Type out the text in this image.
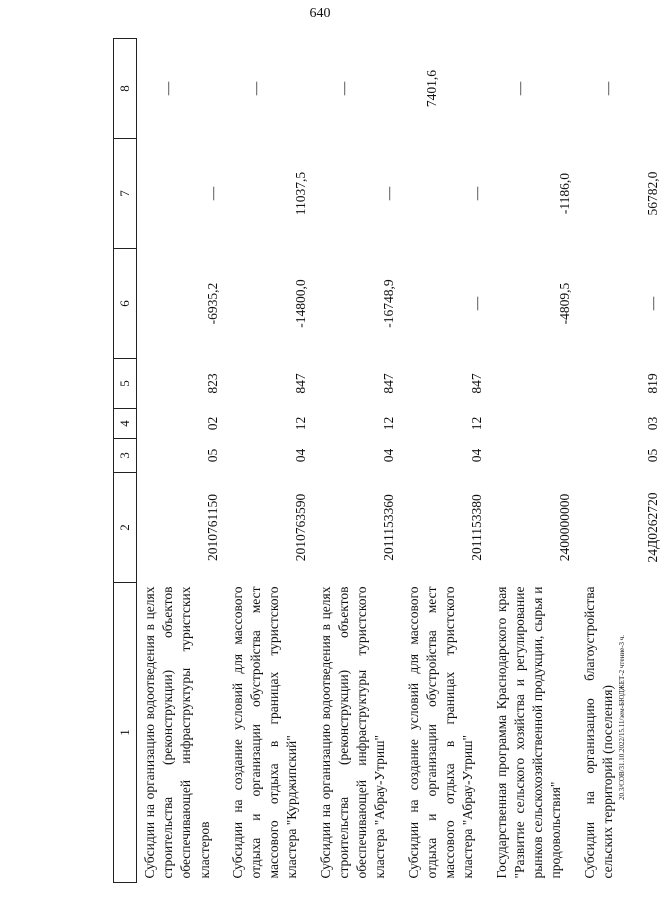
640
1	2	3	4	5	6	7	8
Субсидии на организацию водоотведения в целях строительства (реконструкции) объектов обеспечивающей инфраструктуры туристских кластеров	2010761150	05	02	823	-6935,2	—	—
Субсидии на создание условий для массового отдыха и организации обустройства мест массового отдыха в границах туристского кластера "Курджипский"	2010763590	04	12	847	-14800,0	11037,5	—
Субсидии на организацию водоотведения в целях строительства (реконструкции) объектов обеспечивающей инфраструктуры туристского кластера "Абрау-Утриш"	2011153360	04	12	847	-16748,9	—	—
Субсидии на создание условий для массового отдыха и организации обустройства мест массового отдыха в границах туристского кластера "Абрау-Утриш"	2011153380	04	12	847	—	—	7401,6
Государственная программа Краснодарского края "Развитие сельского хозяйства и регулирование рынков сельскохозяйственной продукции, сырья и продовольствия"	2400000000				-4809,5	-1186,0	—
Субсидии на организацию благоустройства сельских территорий (поселения)	24Д0262720	05	03	819	—	56782,0	—
20.3/СОВ/31.10.2022/15.11/зем-БЮДЖЕТ-2 чтение-3 ч.
